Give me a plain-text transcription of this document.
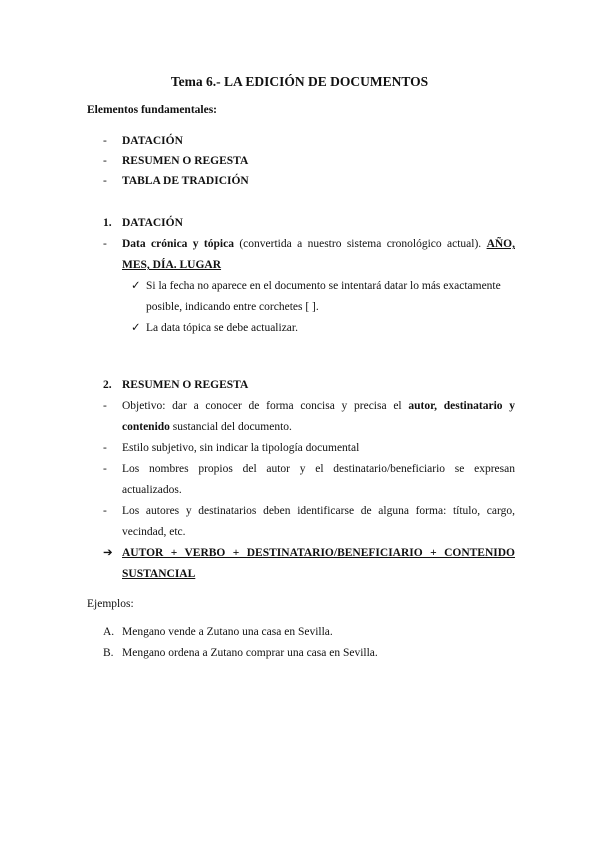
Tema 6.- LA EDICIÓN DE DOCUMENTOS

Elementos fundamentales:

- DATACIÓN
- RESUMEN O REGESTA
- TABLA DE TRADICIÓN
1. DATACIÓN
- Data crónica y tópica (convertida a nuestro sistema cronológico actual). AÑO, MES, DÍA. LUGAR

✓ Si la fecha no aparece en el documento se intentará datar lo más exactamente posible, indicando entre corchetes [ ].

✓ La data tópica se debe actualizar.

2. RESUMEN O REGESTA
- Objetivo: dar a conocer de forma concisa y precisa el autor, destinatario y contenido sustancial del documento.

- Estilo subjetivo, sin indicar la tipología documental

- Los nombres propios del autor y el destinatario/beneficiario se expresan actualizados.

- Los autores y destinatarios deben identificarse de alguna forma: título, cargo, vecindad, etc.

➔ AUTOR + VERBO + DESTINATARIO/BENEFICIARIO + CONTENIDO SUSTANCIAL

Ejemplos:

A. Mengano vende a Zutano una casa en Sevilla.
B. Mengano ordena a Zutano comprar una casa en Sevilla.
